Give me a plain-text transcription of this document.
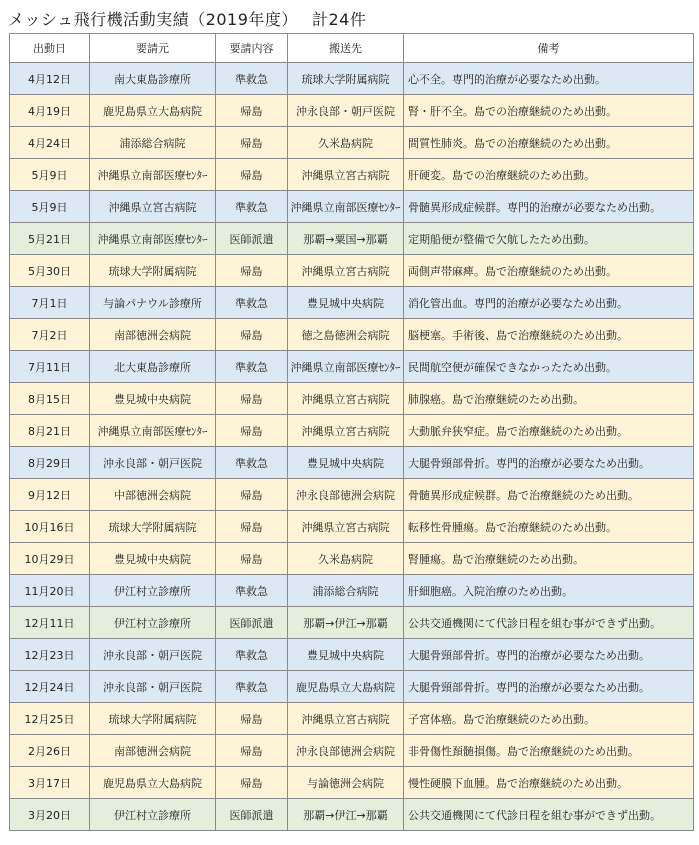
メッシュ飛行機活動実績（2019年度）　 計24件
出動日	要請元	要請内容	搬送先	備考
4月12日	南大東島診療所	準救急	琉球大学附属病院	心不全。専門的治療が必要なため出動。
4月19日	鹿児島県立大島病院	帰島	沖永良部・朝戸医院	腎・肝不全。島での治療継続のため出動。
4月24日	浦添総合病院	帰島	久米島病院	間質性肺炎。島での治療継続のため出動。
5月9日	沖縄県立南部医療ｾﾝﾀｰ	帰島	沖縄県立宮古病院	肝硬変。島での治療継続のため出動。
5月9日	沖縄県立宮古病院	準救急	沖縄県立南部医療ｾﾝﾀｰ	骨髄異形成症候群。専門的治療が必要なため出動。
5月21日	沖縄県立南部医療ｾﾝﾀｰ	医師派遣	那覇→粟国→那覇	定期船便が整備で欠航したため出動。
5月30日	琉球大学附属病院	帰島	沖縄県立宮古病院	両側声帯麻痺。島で治療継続のため出動。
7月1日	与論パナウル診療所	準救急	豊見城中央病院	消化管出血。専門的治療が必要なため出動。
7月2日	南部徳洲会病院	帰島	徳之島徳洲会病院	脳梗塞。手術後、島で治療継続のため出動。
7月11日	北大東島診療所	準救急	沖縄県立南部医療ｾﾝﾀｰ	民間航空便が確保できなかったため出動。
8月15日	豊見城中央病院	帰島	沖縄県立宮古病院	肺腺癌。島で治療継続のため出動。
8月21日	沖縄県立南部医療ｾﾝﾀｰ	帰島	沖縄県立宮古病院	大動脈弁狭窄症。島で治療継続のため出動。
8月29日	沖永良部・朝戸医院	準救急	豊見城中央病院	大腿骨頸部骨折。専門的治療が必要なため出動。
9月12日	中部徳洲会病院	帰島	沖永良部徳洲会病院	骨髄異形成症候群。島で治療継続のため出動。
10月16日	琉球大学附属病院	帰島	沖縄県立宮古病院	転移性骨腫瘍。島で治療継続のため出動。
10月29日	豊見城中央病院	帰島	久米島病院	腎腫瘍。島で治療継続のため出動。
11月20日	伊江村立診療所	準救急	浦添総合病院	肝細胞癌。入院治療のため出動。
12月11日	伊江村立診療所	医師派遣	那覇→伊江→那覇	公共交通機関にて代診日程を組む事ができず出動。
12月23日	沖永良部・朝戸医院	準救急	豊見城中央病院	大腿骨頸部骨折。専門的治療が必要なため出動。
12月24日	沖永良部・朝戸医院	準救急	鹿児島県立大島病院	大腿骨頸部骨折。専門的治療が必要なため出動。
12月25日	琉球大学附属病院	帰島	沖縄県立宮古病院	子宮体癌。島で治療継続のため出動。
2月26日	南部徳洲会病院	帰島	沖永良部徳洲会病院	非骨傷性頚髄損傷。島で治療継続のため出動。
3月17日	鹿児島県立大島病院	帰島	与論徳洲会病院	慢性硬膜下血腫。島で治療継続のため出動。
3月20日	伊江村立診療所	医師派遣	那覇→伊江→那覇	公共交通機関にて代診日程を組む事ができず出動。
